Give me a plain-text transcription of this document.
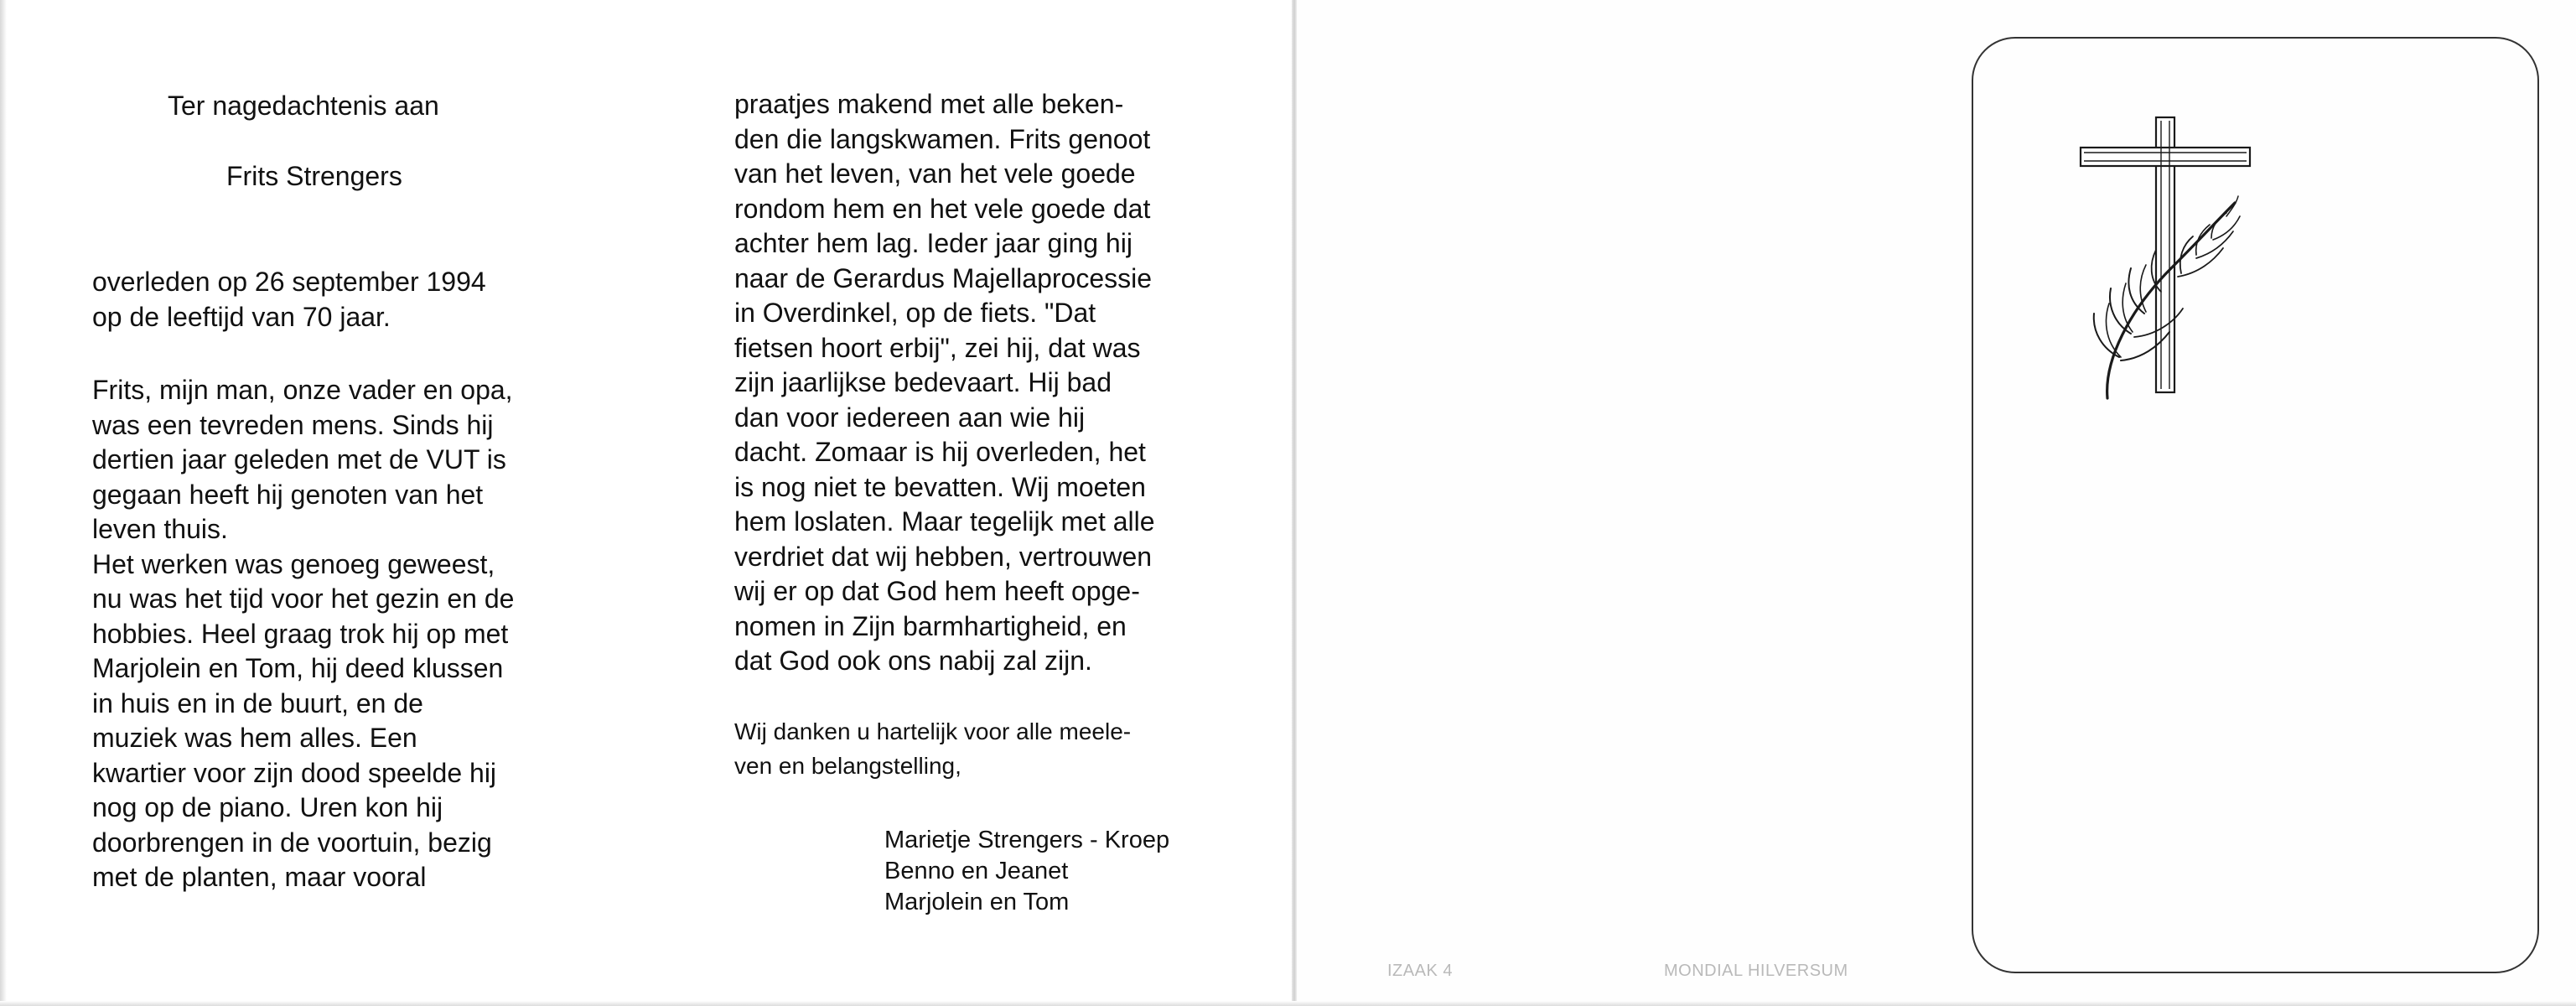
Ter nagedachtenis aan
Frits Strengers

overleden op 26 september 1994
op de leeftijd van 70 jaar.

Frits, mijn man, onze vader en opa,
was een tevreden mens. Sinds hij
dertien jaar geleden met de VUT is
gegaan heeft hij genoten van het
leven thuis.
Het werken was genoeg geweest,
nu was het tijd voor het gezin en de
hobbies. Heel graag trok hij op met
Marjolein en Tom, hij deed klussen
in huis en in de buurt, en de
muziek was hem alles. Een
kwartier voor zijn dood speelde hij
nog op de piano. Uren kon hij
doorbrengen in de voortuin, bezig
met de planten, maar vooral

praatjes makend met alle beken-
den die langskwamen. Frits genoot
van het leven, van het vele goede
rondom hem en het vele goede dat
achter hem lag. Ieder jaar ging hij
naar de Gerardus Majellaprocessie
in Overdinkel, op de fiets. "Dat
fietsen hoort erbij", zei hij, dat was
zijn jaarlijkse bedevaart. Hij bad
dan voor iedereen aan wie hij
dacht. Zomaar is hij overleden, het
is nog niet te bevatten. Wij moeten
hem loslaten. Maar tegelijk met alle
verdriet dat wij hebben, vertrouwen
wij er op dat God hem heeft opge-
nomen in Zijn barmhartigheid, en
dat God ook ons nabij zal zijn.

Wij danken u hartelijk voor alle meele-
ven en belangstelling,

Marietje Strengers - Kroep
Benno en Jeanet
Marjolein en Tom

IZAAK 4	MONDIAL HILVERSUM
